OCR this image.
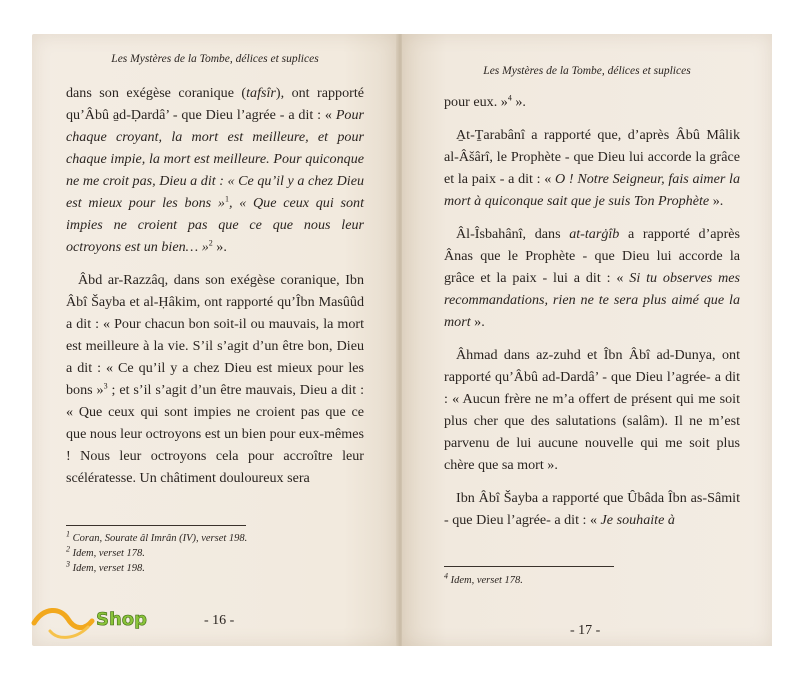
Les Mystères de la Tombe, délices et suplices

dans son exégèse coranique (tafsîr), ont rapporté qu’Âbû a̱d-Ḍardâ’ - que Dieu l’agrée - a dit : « Pour chaque croyant, la mort est meilleure, et pour chaque impie, la mort est meilleure. Pour quiconque ne me croit pas, Dieu a dit : « Ce qu’il y a chez Dieu est mieux pour les bons »$^1$, « Que ceux qui sont impies ne croient pas que ce que nous leur octroyons est un bien… »$^2$ ».

Âbd ar-Razzâq, dans son exégèse coranique, Ibn Âbî Šayba et al-Ḥâkim, ont rapporté qu’Îbn Masûûd a dit : « Pour chacun bon soit-il ou mauvais, la mort est meilleure à la vie. S’il s’agit d’un être bon, Dieu a dit : « Ce qu’il y a chez Dieu est mieux pour les bons »$^3$ ; et s’il s’agit d’un être mauvais, Dieu a dit : « Que ceux qui sont impies ne croient pas que ce que nous leur octroyons est un bien pour eux-mêmes ! Nous leur octroyons cela pour accroître leur scélératesse. Un châtiment douloureux sera

$^1$ Coran, Sourate âl Imrân (IV), verset 198.
$^2$ Idem, verset 178.
$^3$ Idem, verset 198.
- 16 -
Les Mystères de la Tombe, délices et suplices

pour eux. »$^4$ ».

A̱t-Ṯarabânî a rapporté que, d’après Âbû Mâlik al-Âšârî, le Prophète - que Dieu lui accorde la grâce et la paix - a dit : « O ! Notre Seigneur, fais aimer la mort à quiconque sait que je suis Ton Prophète ».

Âl-Îsbahânî, dans at-tarġîb a rapporté d’après Ânas que le Prophète - que Dieu lui accorde la grâce et la paix - lui a dit : « Si tu observes mes recommandations, rien ne te sera plus aimé que la mort ».

Âhmad dans az-zuhd et Îbn Âbî ad-Dunya, ont rapporté qu’Âbû ad-Dardâ’ - que Dieu l’agrée- a dit : « Aucun frère ne m’a offert de présent qui me soit plus cher que des salutations (salâm). Il ne m’est parvenu de lui aucune nouvelle qui me soit plus chère que sa mort ».

Ibn Âbî Šayba a rapporté que Ûbâda Îbn as-Sâmit - que Dieu l’agrée- a dit : « Je souhaite à

$^4$ Idem, verset 178.
- 17 -
Shop
